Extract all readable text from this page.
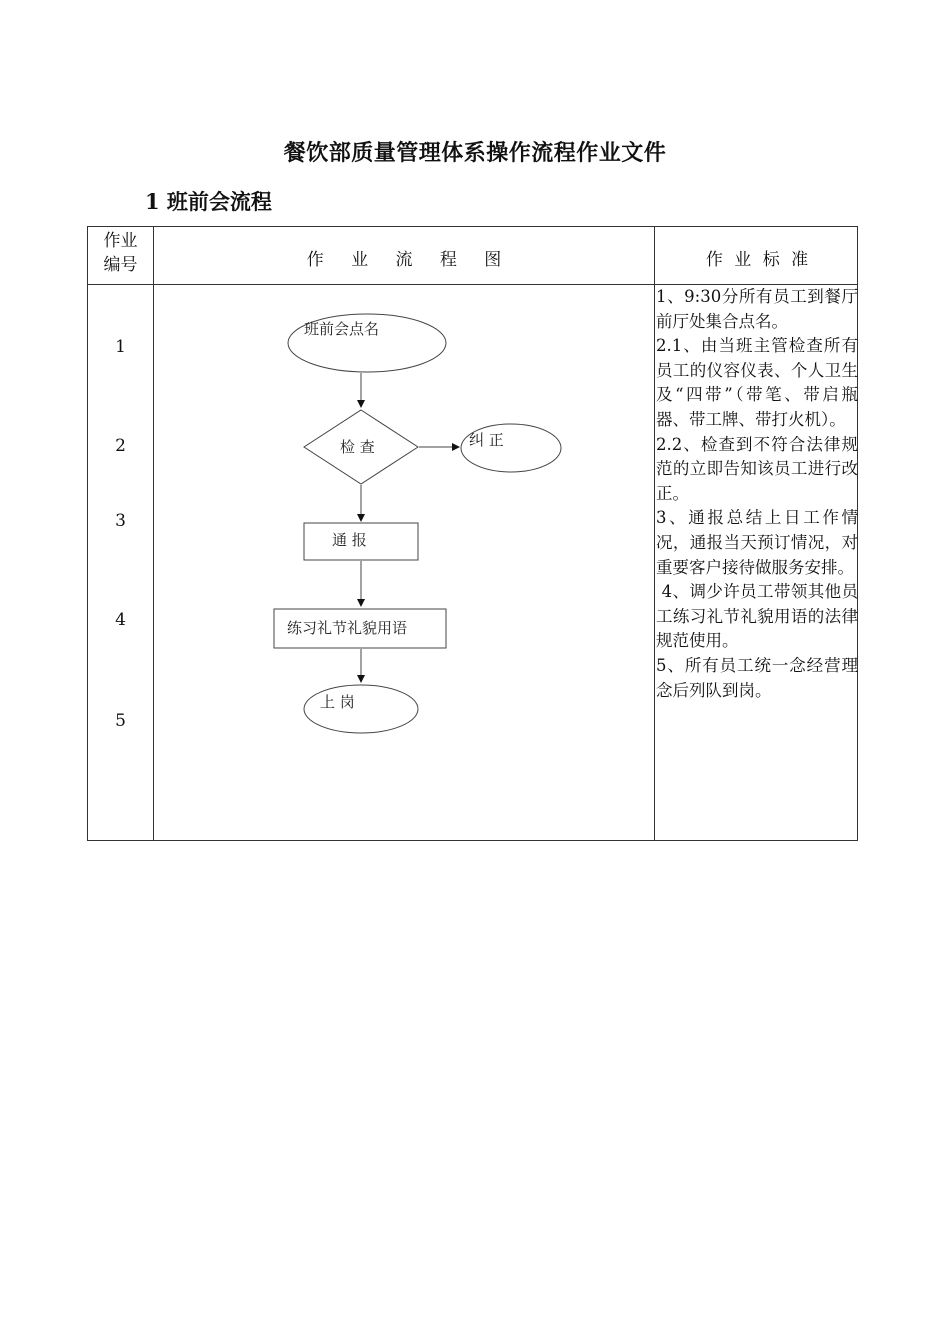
餐饮部质量管理体系操作流程作业文件
1 班前会流程
作业编号	作 业 流 程 图	作 业 标 准
1
2
3
4
5
班前会点名
检 查	纠 正
通 报
练习礼节礼貌用语
上 岗

1、9:30分所有员工到餐厅前厅处集合点名。

2.1、由当班主管检查所有员工的仪容仪表、个人卫生及“四带”（带笔、带启瓶器、带工牌、带打火机）。

2.2、检查到不符合法律规范的立即告知该员工进行改正。

3、通报总结上日工作情况，通报当天预订情况，对重要客户接待做服务安排。

4、调少许员工带领其他员工练习礼节礼貌用语的法律规范使用。

5、所有员工统一念经营理念后列队到岗。
